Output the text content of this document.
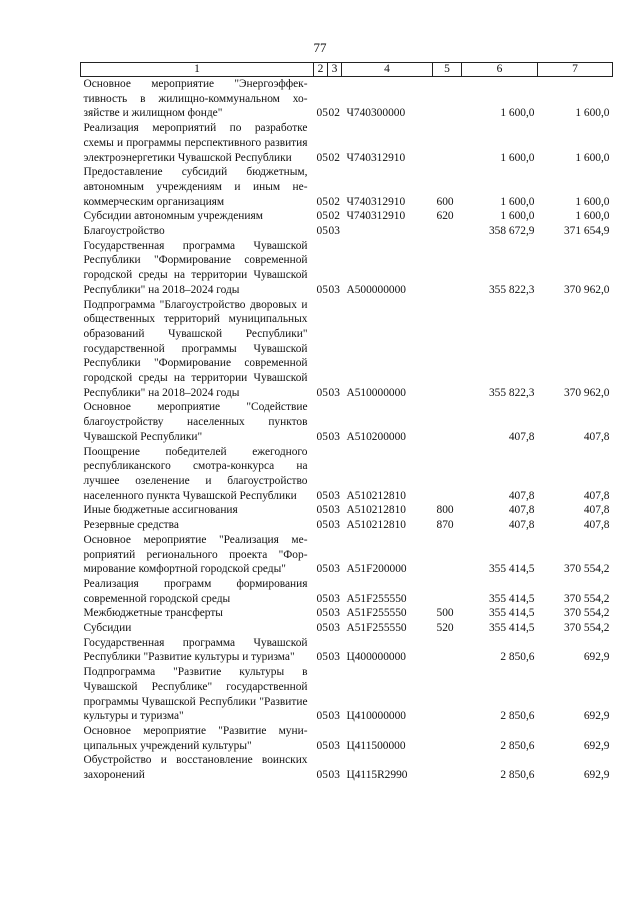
77
1	2	3	4	5	6	7
Основное мероприятие "Энергоэффективность в жилищно-коммунальном хозяйстве и жилищном фонде"	05	02	Ч740300000		1 600,0	1 600,0
Реализация мероприятий по разработке схемы и программы перспективного развития электроэнергетики Чувашской Республики	05	02	Ч740312910		1 600,0	1 600,0
Предоставление субсидий бюджетным, автономным учреждениям и иным некоммерческим организациям	05	02	Ч740312910	600	1 600,0	1 600,0
Субсидии автономным учреждениям	05	02	Ч740312910	620	1 600,0	1 600,0
Благоустройство	05	03			358 672,9	371 654,9
Государственная программа Чувашской Республики "Формирование современной городской среды на территории Чувашской Республики" на 2018–2024 годы	05	03	А500000000		355 822,3	370 962,0
Подпрограмма "Благоустройство дворовых и общественных территорий муниципальных образований Чувашской Республики" государственной программы Чувашской Республики "Формирование современной городской среды на территории Чувашской Республики" на 2018–2024 годы	05	03	А510000000		355 822,3	370 962,0
Основное мероприятие "Содействие благоустройству населенных пунктов Чувашской Республики"	05	03	А510200000		407,8	407,8
Поощрение победителей ежегодного республиканского смотра-конкурса на лучшее озеленение и благоустройство населенного пункта Чувашской Республики	05	03	А510212810		407,8	407,8
Иные бюджетные ассигнования	05	03	А510212810	800	407,8	407,8
Резервные средства	05	03	А510212810	870	407,8	407,8
Основное мероприятие "Реализация мероприятий регионального проекта "Формирование комфортной городской среды"	05	03	А51F200000		355 414,5	370 554,2
Реализация программ формирования современной городской среды	05	03	А51F255550		355 414,5	370 554,2
Межбюджетные трансферты	05	03	А51F255550	500	355 414,5	370 554,2
Субсидии	05	03	А51F255550	520	355 414,5	370 554,2
Государственная программа Чувашской Республики "Развитие культуры и туризма"	05	03	Ц400000000		2 850,6	692,9
Подпрограмма "Развитие культуры в Чувашской Республике" государственной программы Чувашской Республики "Развитие культуры и туризма"	05	03	Ц410000000		2 850,6	692,9
Основное мероприятие "Развитие муниципальных учреждений культуры"	05	03	Ц411500000		2 850,6	692,9
Обустройство и восстановление воинских захоронений	05	03	Ц4115R2990		2 850,6	692,9
